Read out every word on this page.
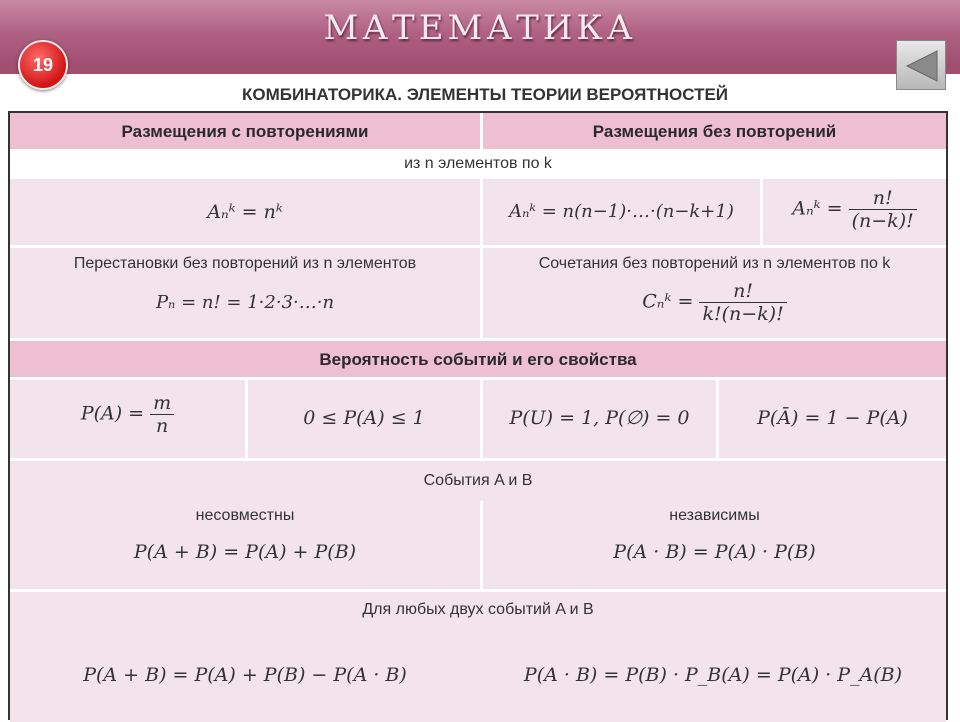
МАТЕМАТИКА
19
КОМБИНАТОРИКА. ЭЛЕМЕНТЫ ТЕОРИИ ВЕРОЯТНОСТЕЙ
Размещения с повторениями	Размещения без повторений
из n элементов по k
Aₙᵏ = nᵏ	Aₙᵏ = n(n−1)·…·(n−k+1)	Aₙᵏ = $\frac{n!}{(n-k)!}$
Перестановки без повторений из n элементов
Pₙ = n! = 1·2·3·…·n
Сочетания без повторений из n элементов по k
Cₙᵏ = $\frac{n!}{k!(n-k)!}$
Вероятность событий и его свойства
$P(A) = \frac{m}{n}$	0 ≤ P(A) ≤ 1	P(U) = 1, P(∅) = 0	P(Ā) = 1 − P(A)
События A и B
несовместны
P(A + B) = P(A) + P(B)
независимы
P(A · B) = P(A) · P(B)
Для любых двух событий A и B
P(A + B) = P(A) + P(B) − P(A · B)	P(A · B) = P(B) · P_B(A) = P(A) · P_A(B)
